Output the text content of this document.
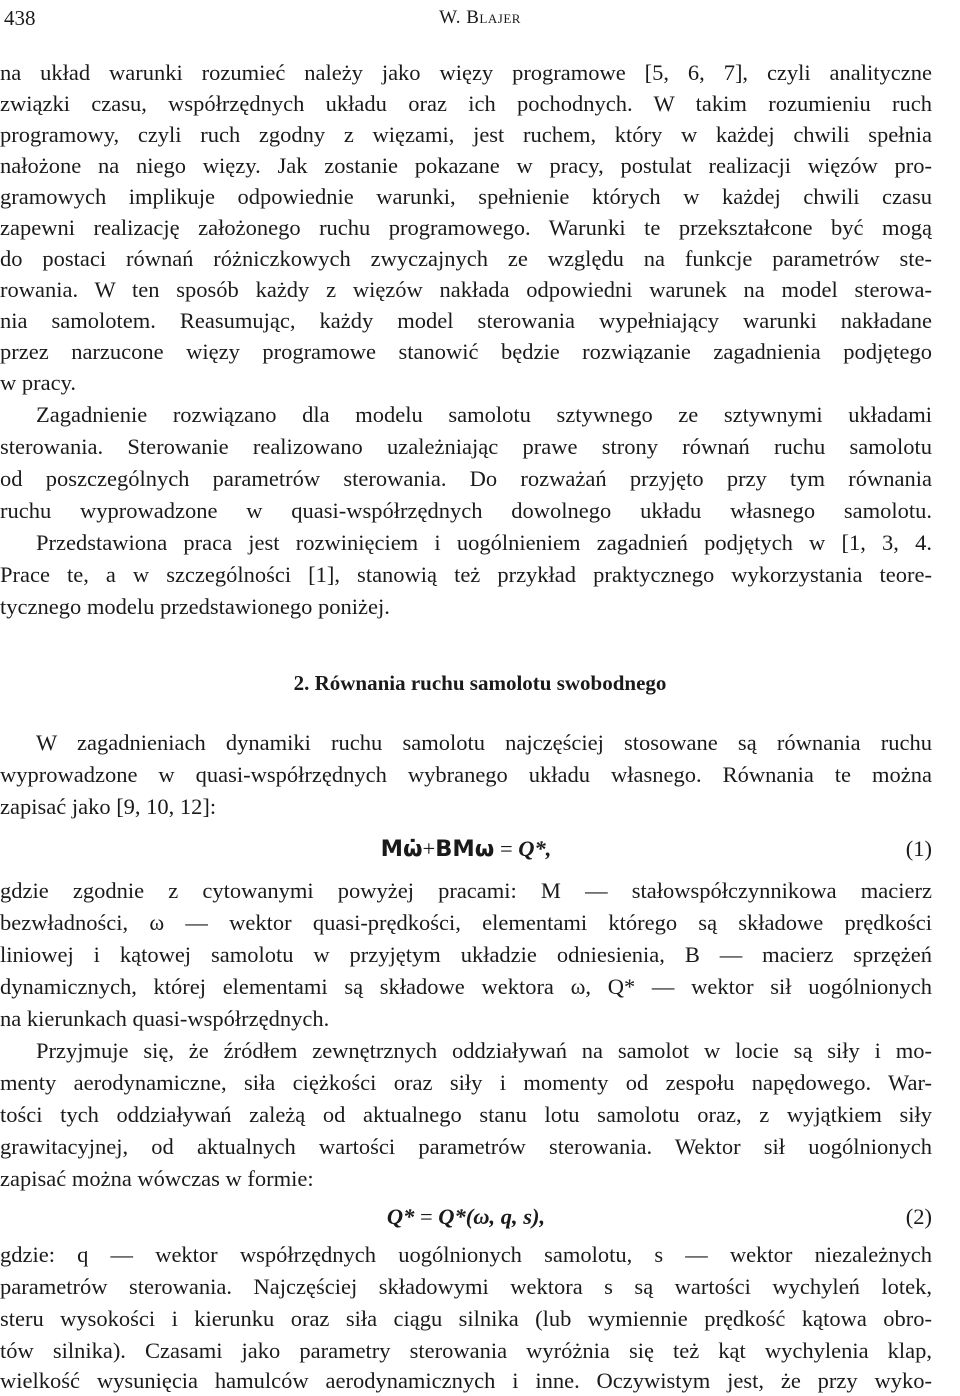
438	W. Blajer
na układ warunki rozumieć należy jako więzy programowe [5, 6, 7], czyli analityczne
związki czasu, współrzędnych układu oraz ich pochodnych. W takim rozumieniu ruch
programowy, czyli ruch zgodny z więzami, jest ruchem, który w każdej chwili spełnia
nałożone na niego więzy. Jak zostanie pokazane w pracy, postulat realizacji więzów pro-
gramowych implikuje odpowiednie warunki, spełnienie których w każdej chwili czasu
zapewni realizację założonego ruchu programowego. Warunki te przekształcone być mogą
do postaci równań różniczkowych zwyczajnych ze względu na funkcje parametrów ste-
rowania. W ten sposób każdy z więzów nakłada odpowiedni warunek na model sterowa-
nia samolotem. Reasumując, każdy model sterowania wypełniający warunki nakładane
przez narzucone więzy programowe stanowić będzie rozwiązanie zagadnienia podjętego
w pracy.
Zagadnienie rozwiązano dla modelu samolotu sztywnego ze sztywnymi układami
sterowania. Sterowanie realizowano uzależniając prawe strony równań ruchu samolotu
od poszczególnych parametrów sterowania. Do rozważań przyjęto przy tym równania
ruchu wyprowadzone w quasi-współrzędnych dowolnego układu własnego samolotu.
Przedstawiona praca jest rozwinięciem i uogólnieniem zagadnień podjętych w [1, 3, 4.
Prace te, a w szczególności [1], stanowią też przykład praktycznego wykorzystania teore-
tycznego modelu przedstawionego poniżej.
2. Równania ruchu samolotu swobodnego
W zagadnieniach dynamiki ruchu samolotu najczęściej stosowane są równania ruchu
wyprowadzone w quasi-współrzędnych wybranego układu własnego. Równania te można
zapisać jako [9, 10, 12]:
Mω̇+BMω = Q*,	(1)
gdzie zgodnie z cytowanymi powyżej pracami: M — stałowspółczynnikowa macierz
bezwładności, ω — wektor quasi-prędkości, elementami którego są składowe prędkości
liniowej i kątowej samolotu w przyjętym układzie odniesienia, B — macierz sprzężeń
dynamicznych, której elementami są składowe wektora ω, Q* — wektor sił uogólnionych
na kierunkach quasi-współrzędnych.
Przyjmuje się, że źródłem zewnętrznych oddziaływań na samolot w locie są siły i mo-
menty aerodynamiczne, siła ciężkości oraz siły i momenty od zespołu napędowego. War-
tości tych oddziaływań zależą od aktualnego stanu lotu samolotu oraz, z wyjątkiem siły
grawitacyjnej, od aktualnych wartości parametrów sterowania. Wektor sił uogólnionych
zapisać można wówczas w formie:
Q* = Q*(ω, q, s),	(2)
gdzie: q — wektor współrzędnych uogólnionych samolotu, s — wektor niezależnych
parametrów sterowania. Najczęściej składowymi wektora s są wartości wychyleń lotek,
steru wysokości i kierunku oraz siła ciągu silnika (lub wymiennie prędkość kątowa obro-
tów silnika). Czasami jako parametry sterowania wyróżnia się też kąt wychylenia klap,
wielkość wysunięcia hamulców aerodynamicznych i inne. Oczywistym jest, że przy wyko-
